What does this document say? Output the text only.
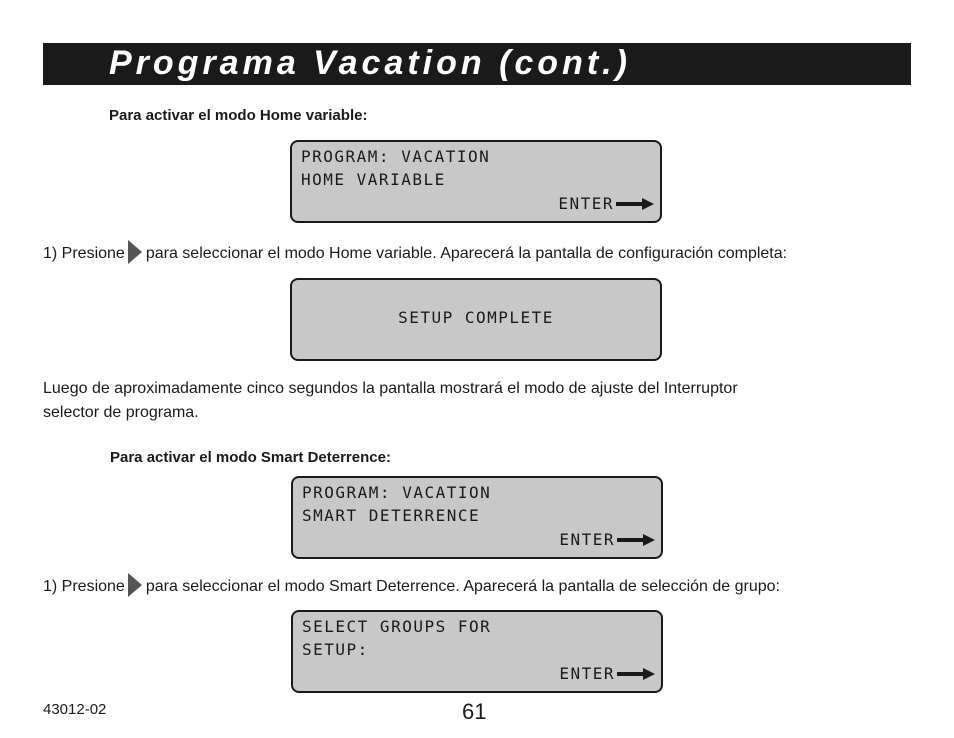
Programa Vacation (cont.)
Para activar el modo Home variable:
PROGRAM: VACATION
HOME VARIABLE
ENTER
1) Presione para seleccionar el modo Home variable. Aparecerá la pantalla de configuración completa:
SETUP COMPLETE
Luego de aproximadamente cinco segundos la pantalla mostrará el modo de ajuste del Interruptor
selector de programa.
Para activar el modo Smart Deterrence:
PROGRAM: VACATION
SMART DETERRENCE
ENTER
1) Presione para seleccionar el modo Smart Deterrence. Aparecerá la pantalla de selección de grupo:
SELECT GROUPS FOR
SETUP:
ENTER
43012-02	61
